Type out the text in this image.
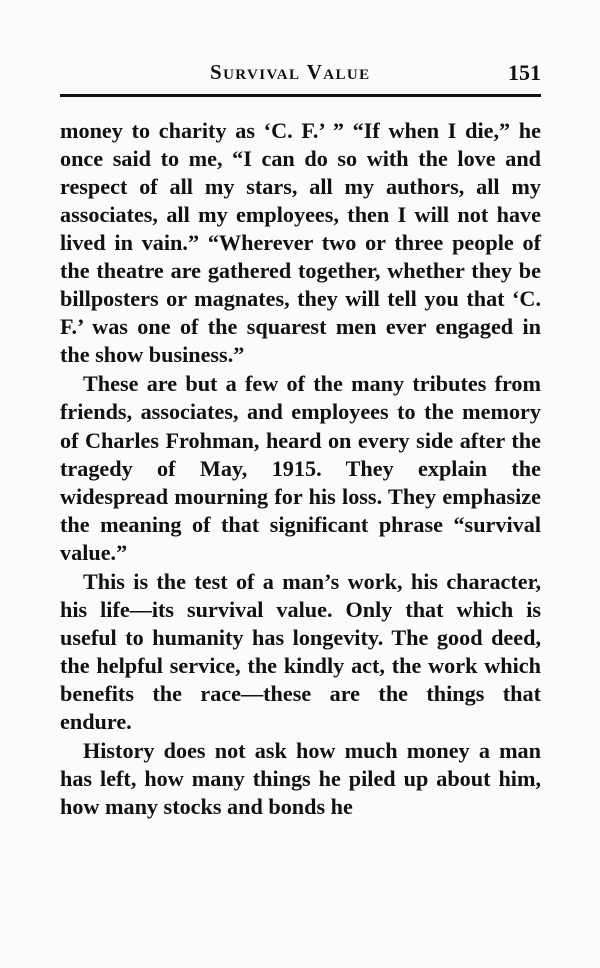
Survival Value	151

money to charity as ‘C. F.’ ” “If when I die,” he once said to me, “I can do so with the love and respect of all my stars, all my authors, all my associates, all my employees, then I will not have lived in vain.” “Wherever two or three people of the theatre are gathered together, whether they be billposters or magnates, they will tell you that ‘C. F.’ was one of the squarest men ever engaged in the show business.”

These are but a few of the many tributes from friends, associates, and employees to the memory of Charles Frohman, heard on every side after the tragedy of May, 1915. They explain the widespread mourning for his loss. They emphasize the meaning of that significant phrase “survival value.”

This is the test of a man’s work, his character, his life—its survival value. Only that which is useful to humanity has longevity. The good deed, the helpful service, the kindly act, the work which benefits the race—these are the things that endure.

History does not ask how much money a man has left, how many things he piled up about him, how many stocks and bonds he
